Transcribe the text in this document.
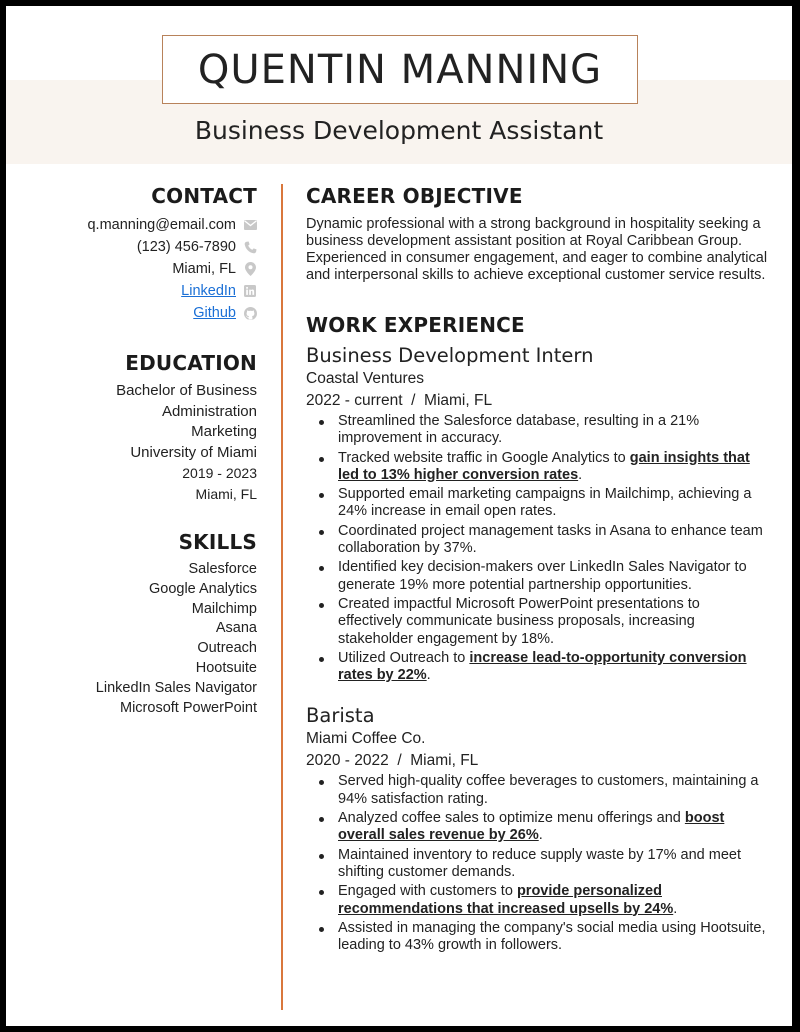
QUENTIN MANNING
Business Development Assistant
CONTACT
q.manning@email.com
(123) 456-7890
Miami, FL
LinkedIn
Github
EDUCATION
Bachelor of Business
Administration
Marketing
University of Miami
2019 - 2023
Miami, FL
SKILLS
Salesforce
Google Analytics
Mailchimp
Asana
Outreach
Hootsuite
LinkedIn Sales Navigator
Microsoft PowerPoint
CAREER OBJECTIVE
Dynamic professional with a strong background in hospitality seeking a business development assistant position at Royal Caribbean Group. Experienced in consumer engagement, and eager to combine analytical and interpersonal skills to achieve exceptional customer service results.
WORK EXPERIENCE
Business Development Intern
Coastal Ventures
2022 - current  /  Miami, FL
Streamlined the Salesforce database, resulting in a 21% improvement in accuracy.
Tracked website traffic in Google Analytics to gain insights that led to 13% higher conversion rates.
Supported email marketing campaigns in Mailchimp, achieving a 24% increase in email open rates.
Coordinated project management tasks in Asana to enhance team collaboration by 37%.
Identified key decision-makers over LinkedIn Sales Navigator to generate 19% more potential partnership opportunities.
Created impactful Microsoft PowerPoint presentations to effectively communicate business proposals, increasing stakeholder engagement by 18%.
Utilized Outreach to increase lead-to-opportunity conversion rates by 22%.
Barista
Miami Coffee Co.
2020 - 2022  /  Miami, FL
Served high-quality coffee beverages to customers, maintaining a 94% satisfaction rating.
Analyzed coffee sales to optimize menu offerings and boost overall sales revenue by 26%.
Maintained inventory to reduce supply waste by 17% and meet shifting customer demands.
Engaged with customers to provide personalized recommendations that increased upsells by 24%.
Assisted in managing the company's social media using Hootsuite, leading to 43% growth in followers.
